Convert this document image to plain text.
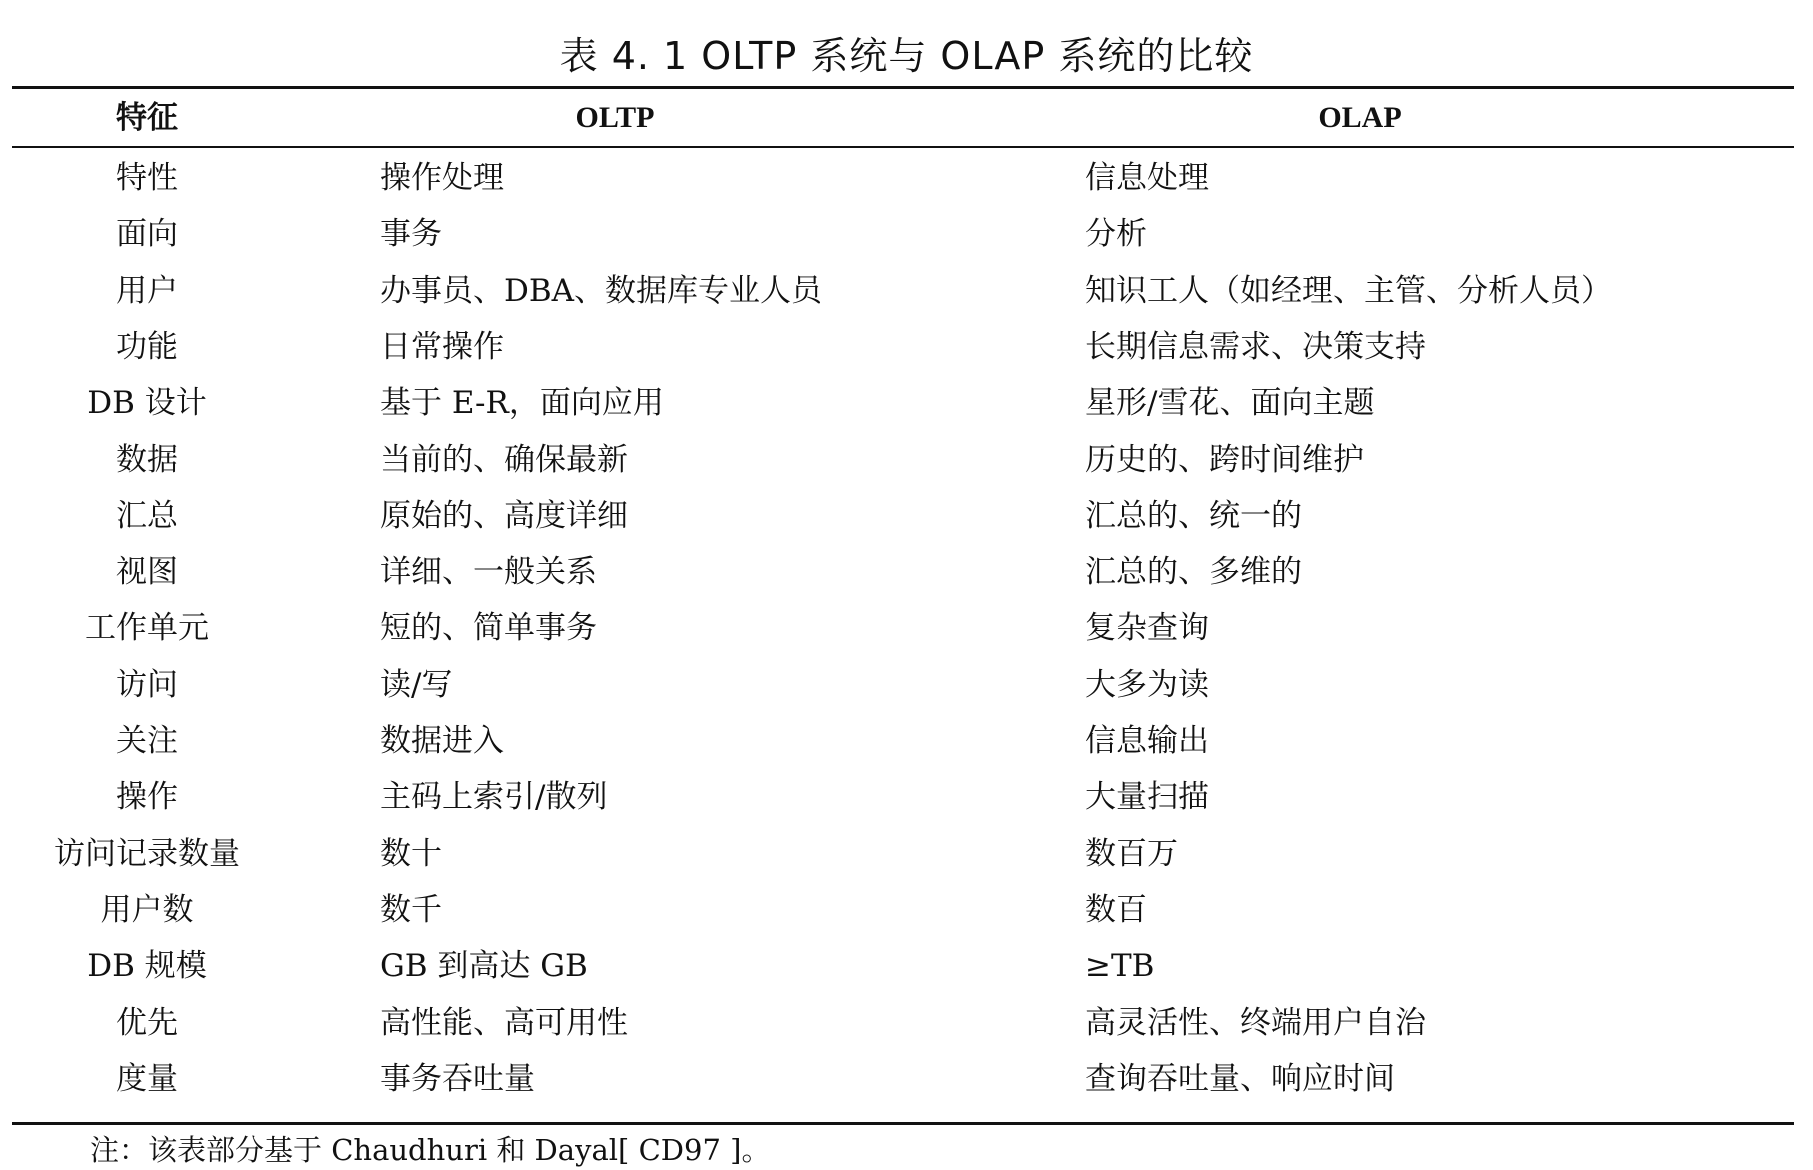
表 4. 1 OLTP 系统与 OLAP 系统的比较
特征	OLTP	OLAP
特性	操作处理	信息处理
面向	事务	分析
用户	办事员、DBA、数据库专业人员	知识工人（如经理、主管、分析人员）
功能	日常操作	长期信息需求、决策支持
DB 设计	基于 E-R，面向应用	星形/雪花、面向主题
数据	当前的、确保最新	历史的、跨时间维护
汇总	原始的、高度详细	汇总的、统一的
视图	详细、一般关系	汇总的、多维的
工作单元	短的、简单事务	复杂查询
访问	读/写	大多为读
关注	数据进入	信息输出
操作	主码上索引/散列	大量扫描
访问记录数量	数十	数百万
用户数	数千	数百
DB 规模	GB 到高达 GB	≥TB
优先	高性能、高可用性	高灵活性、终端用户自治
度量	事务吞吐量	查询吞吐量、响应时间
注：该表部分基于 Chaudhuri 和 Dayal[ CD97 ]。
